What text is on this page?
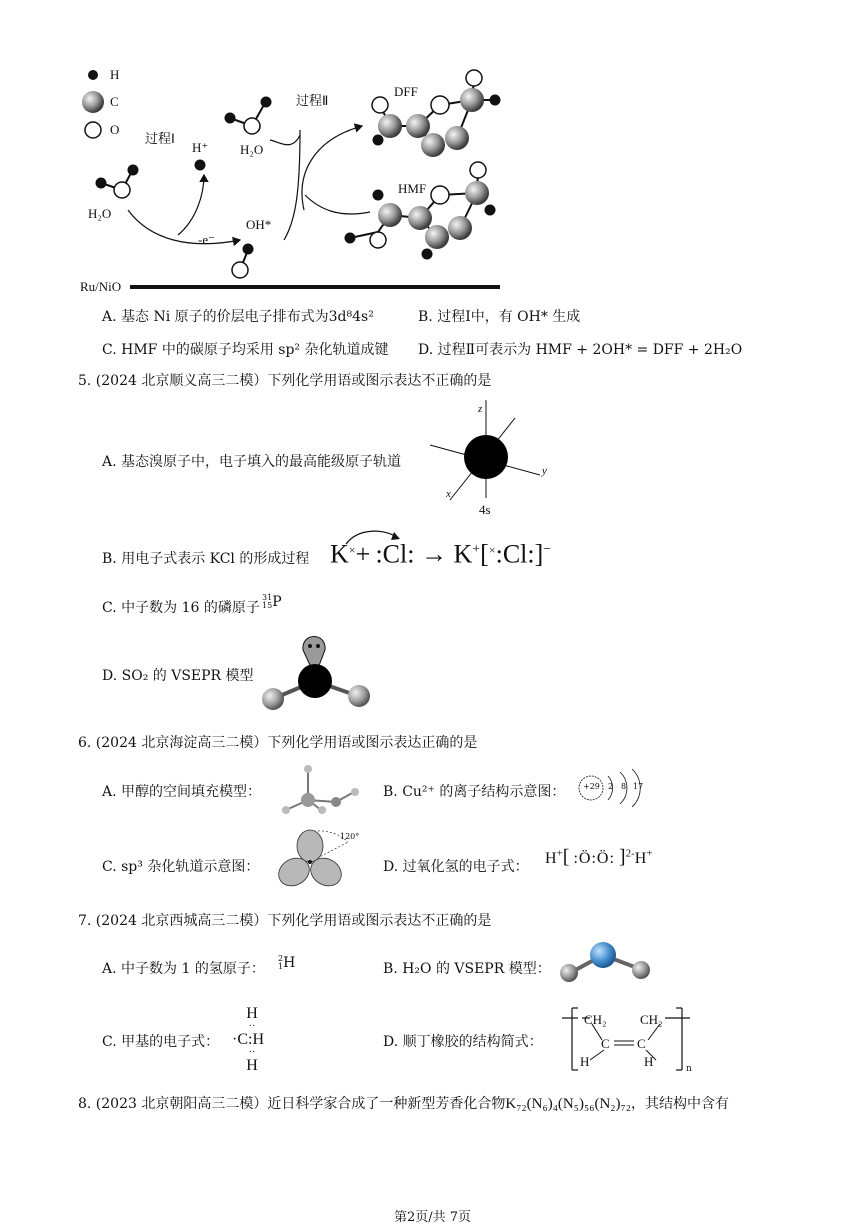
H
C
O
过程Ⅰ
过程Ⅱ
H⁺
H₂O
H₂O
-e⁻
OH*
DFF
HMF
Ru/NiO
A. 基态 Ni 原子的价层电子排布式为3d⁸4s²	B. 过程Ⅰ中，有 OH* 生成
C. HMF 中的碳原子均采用 sp² 杂化轨道成键 D. 过程Ⅱ可表示为 HMF + 2OH* = DFF + 2H₂O
5. (2024 北京顺义高三二模）下列化学用语或图示表达不正确的是
A. 基态溴原子中，电子填入的最高能级原子轨道
z
y
x
4s
B. 用电子式表示 KCl 的形成过程 K×+ :Cl: → K+[×:Cl:]−
C. 中子数为 16 的磷原子
31
15 P
D. SO₂ 的 VSEPR 模型
6. (2024 北京海淀高三二模）下列化学用语或图示表达正确的是
A. 甲醇的空间填充模型：	B. Cu²⁺ 的离子结构示意图： +29 2 8 17
C. sp³ 杂化轨道示意图：
120°
D. 过氧化氢的电子式： H+[ :Ö:Ö: ]$^{2-}$H+
7. (2024 北京西城高三二模）下列化学用语或图示表达不正确的是
A. 中子数为 1 的氢原子：
2
1 H	B. H₂O 的 VSEPR 模型：
C. 甲基的电子式：
H
··
·C:H
··
H
D. 顺丁橡胶的结构简式：
CH₂	CH₂
C C
H	H	n
8. (2023 北京朝阳高三二模）近日科学家合成了一种新型芳香化合物K₇₂(N₆)₄(N₅)₅₆(N₂)₇₂，其结构中含有
第2页/共 7页
